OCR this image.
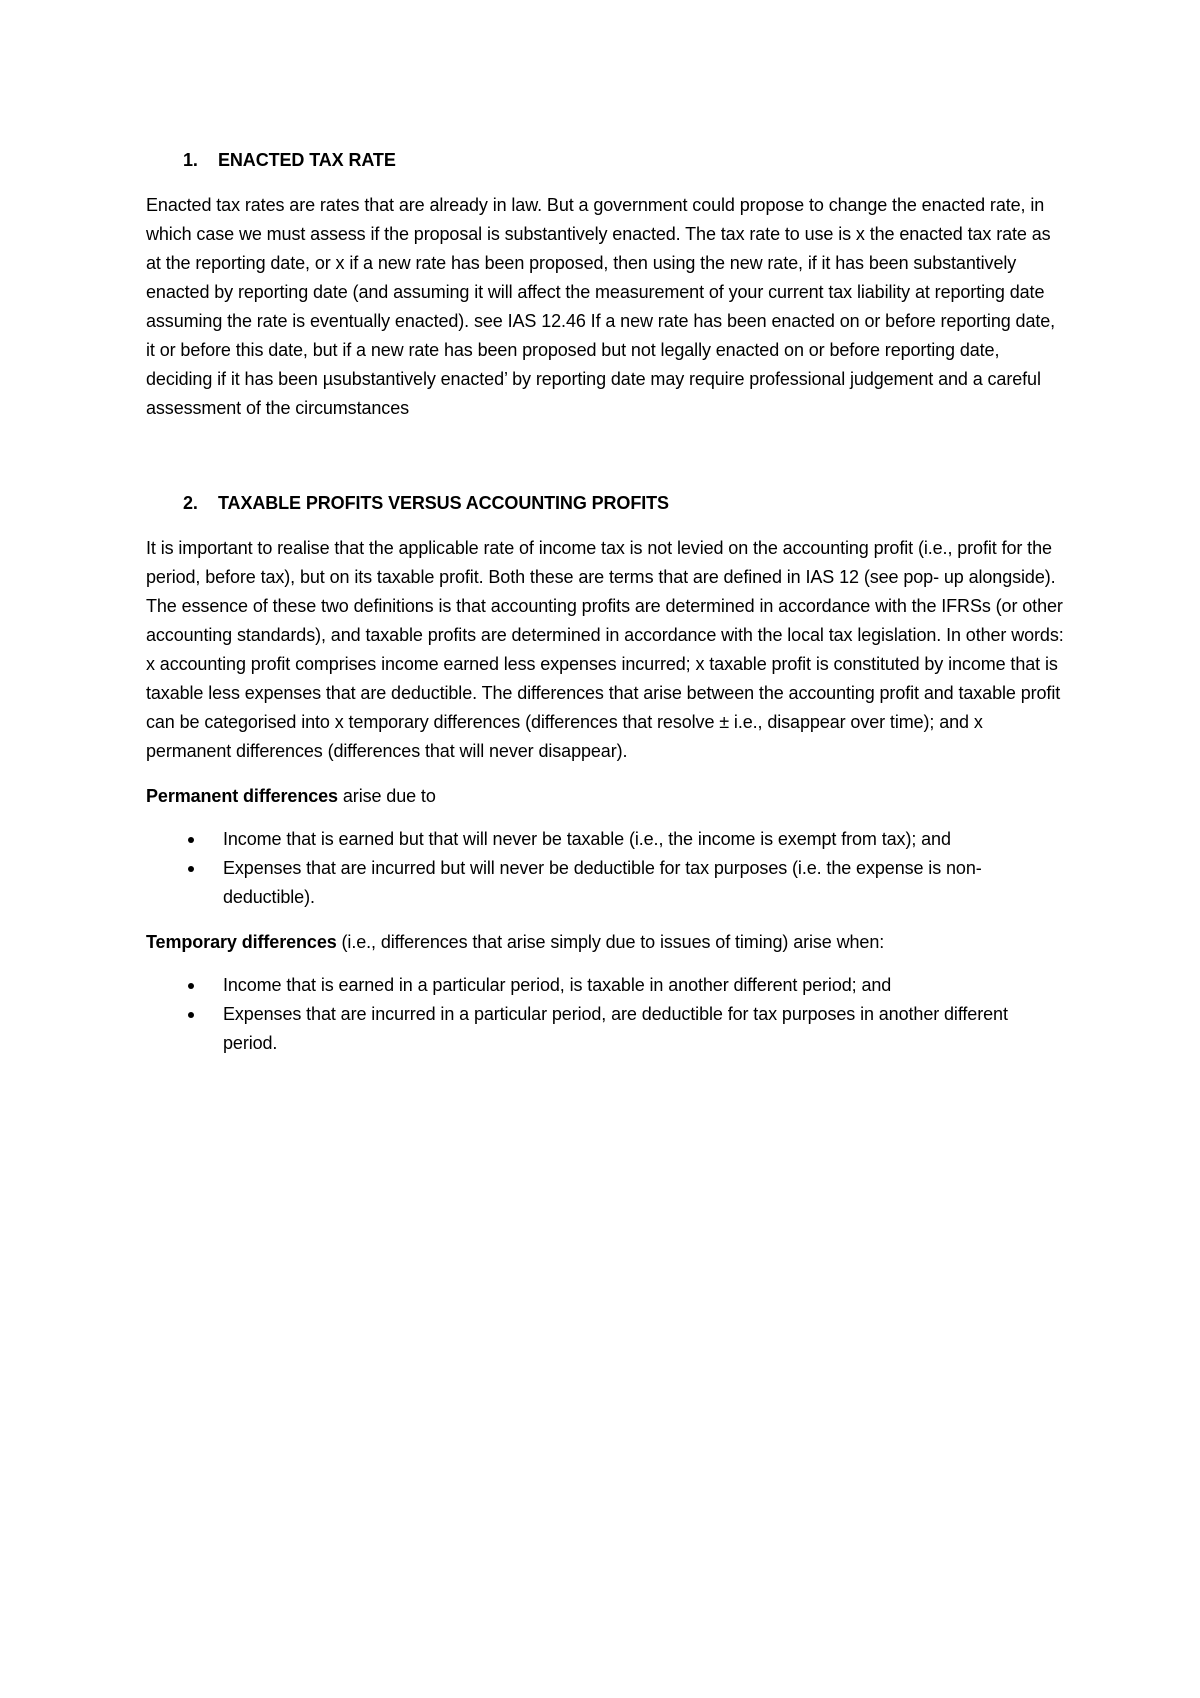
1.	ENACTED TAX RATE

Enacted tax rates are rates that are already in law. But a government could propose to change the enacted rate, in which case we must assess if the proposal is substantively enacted. The tax rate to use is x the enacted tax rate as at the reporting date, or x if a new rate has been proposed, then using the new rate, if it has been substantively enacted by reporting date (and assuming it will affect the measurement of your current tax liability at reporting date assuming the rate is eventually enacted). see IAS 12.46 If a new rate has been enacted on or before reporting date, it or before this date, but if a new rate has been proposed but not legally enacted on or before reporting date, deciding if it has been µsubstantively enacted’ by reporting date may require professional judgement and a careful assessment of the circumstances

2.	TAXABLE PROFITS VERSUS ACCOUNTING PROFITS

It is important to realise that the applicable rate of income tax is not levied on the accounting profit (i.e., profit for the period, before tax), but on its taxable profit. Both these are terms that are defined in IAS 12 (see pop- up alongside). The essence of these two definitions is that accounting profits are determined in accordance with the IFRSs (or other accounting standards), and taxable profits are determined in accordance with the local tax legislation. In other words: x accounting profit comprises income earned less expenses incurred; x taxable profit is constituted by income that is taxable less expenses that are deductible. The differences that arise between the accounting profit and taxable profit can be categorised into x temporary differences (differences that resolve ± i.e., disappear over time); and x permanent differences (differences that will never disappear).

Permanent differences arise due to

Income that is earned but that will never be taxable (i.e., the income is exempt from tax); and
Expenses that are incurred but will never be deductible for tax purposes (i.e. the expense is non-deductible).

Temporary differences (i.e., differences that arise simply due to issues of timing) arise when:

Income that is earned in a particular period, is taxable in another different period; and
Expenses that are incurred in a particular period, are deductible for tax purposes in another different period.
